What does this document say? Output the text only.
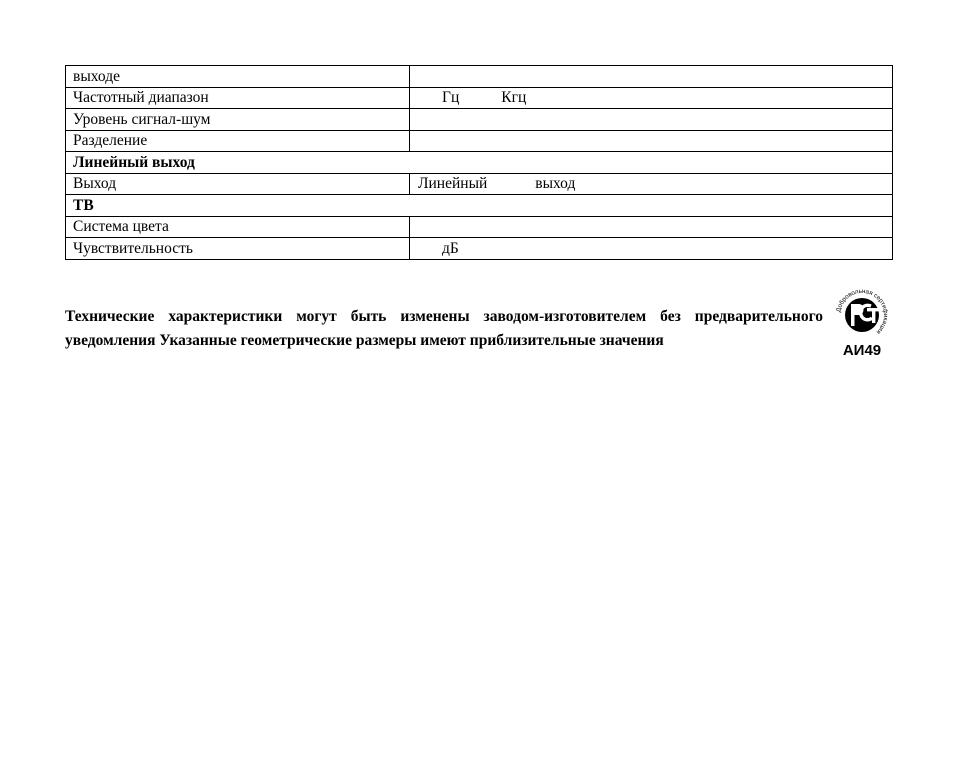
выходе	
Частотный диапазон	Гц Кгц
Уровень сигнал-шум	
Разделение	
Линейный выход	
Выход	Линейный выход
ТВ	
Система цвета	
Чувствительность	дБ

Технические характеристики могут быть изменены заводом-изготовителем без предварительного уведомления Указанные геометрические размеры имеют приблизительные значения

Добровольная сертификация
АИ49
